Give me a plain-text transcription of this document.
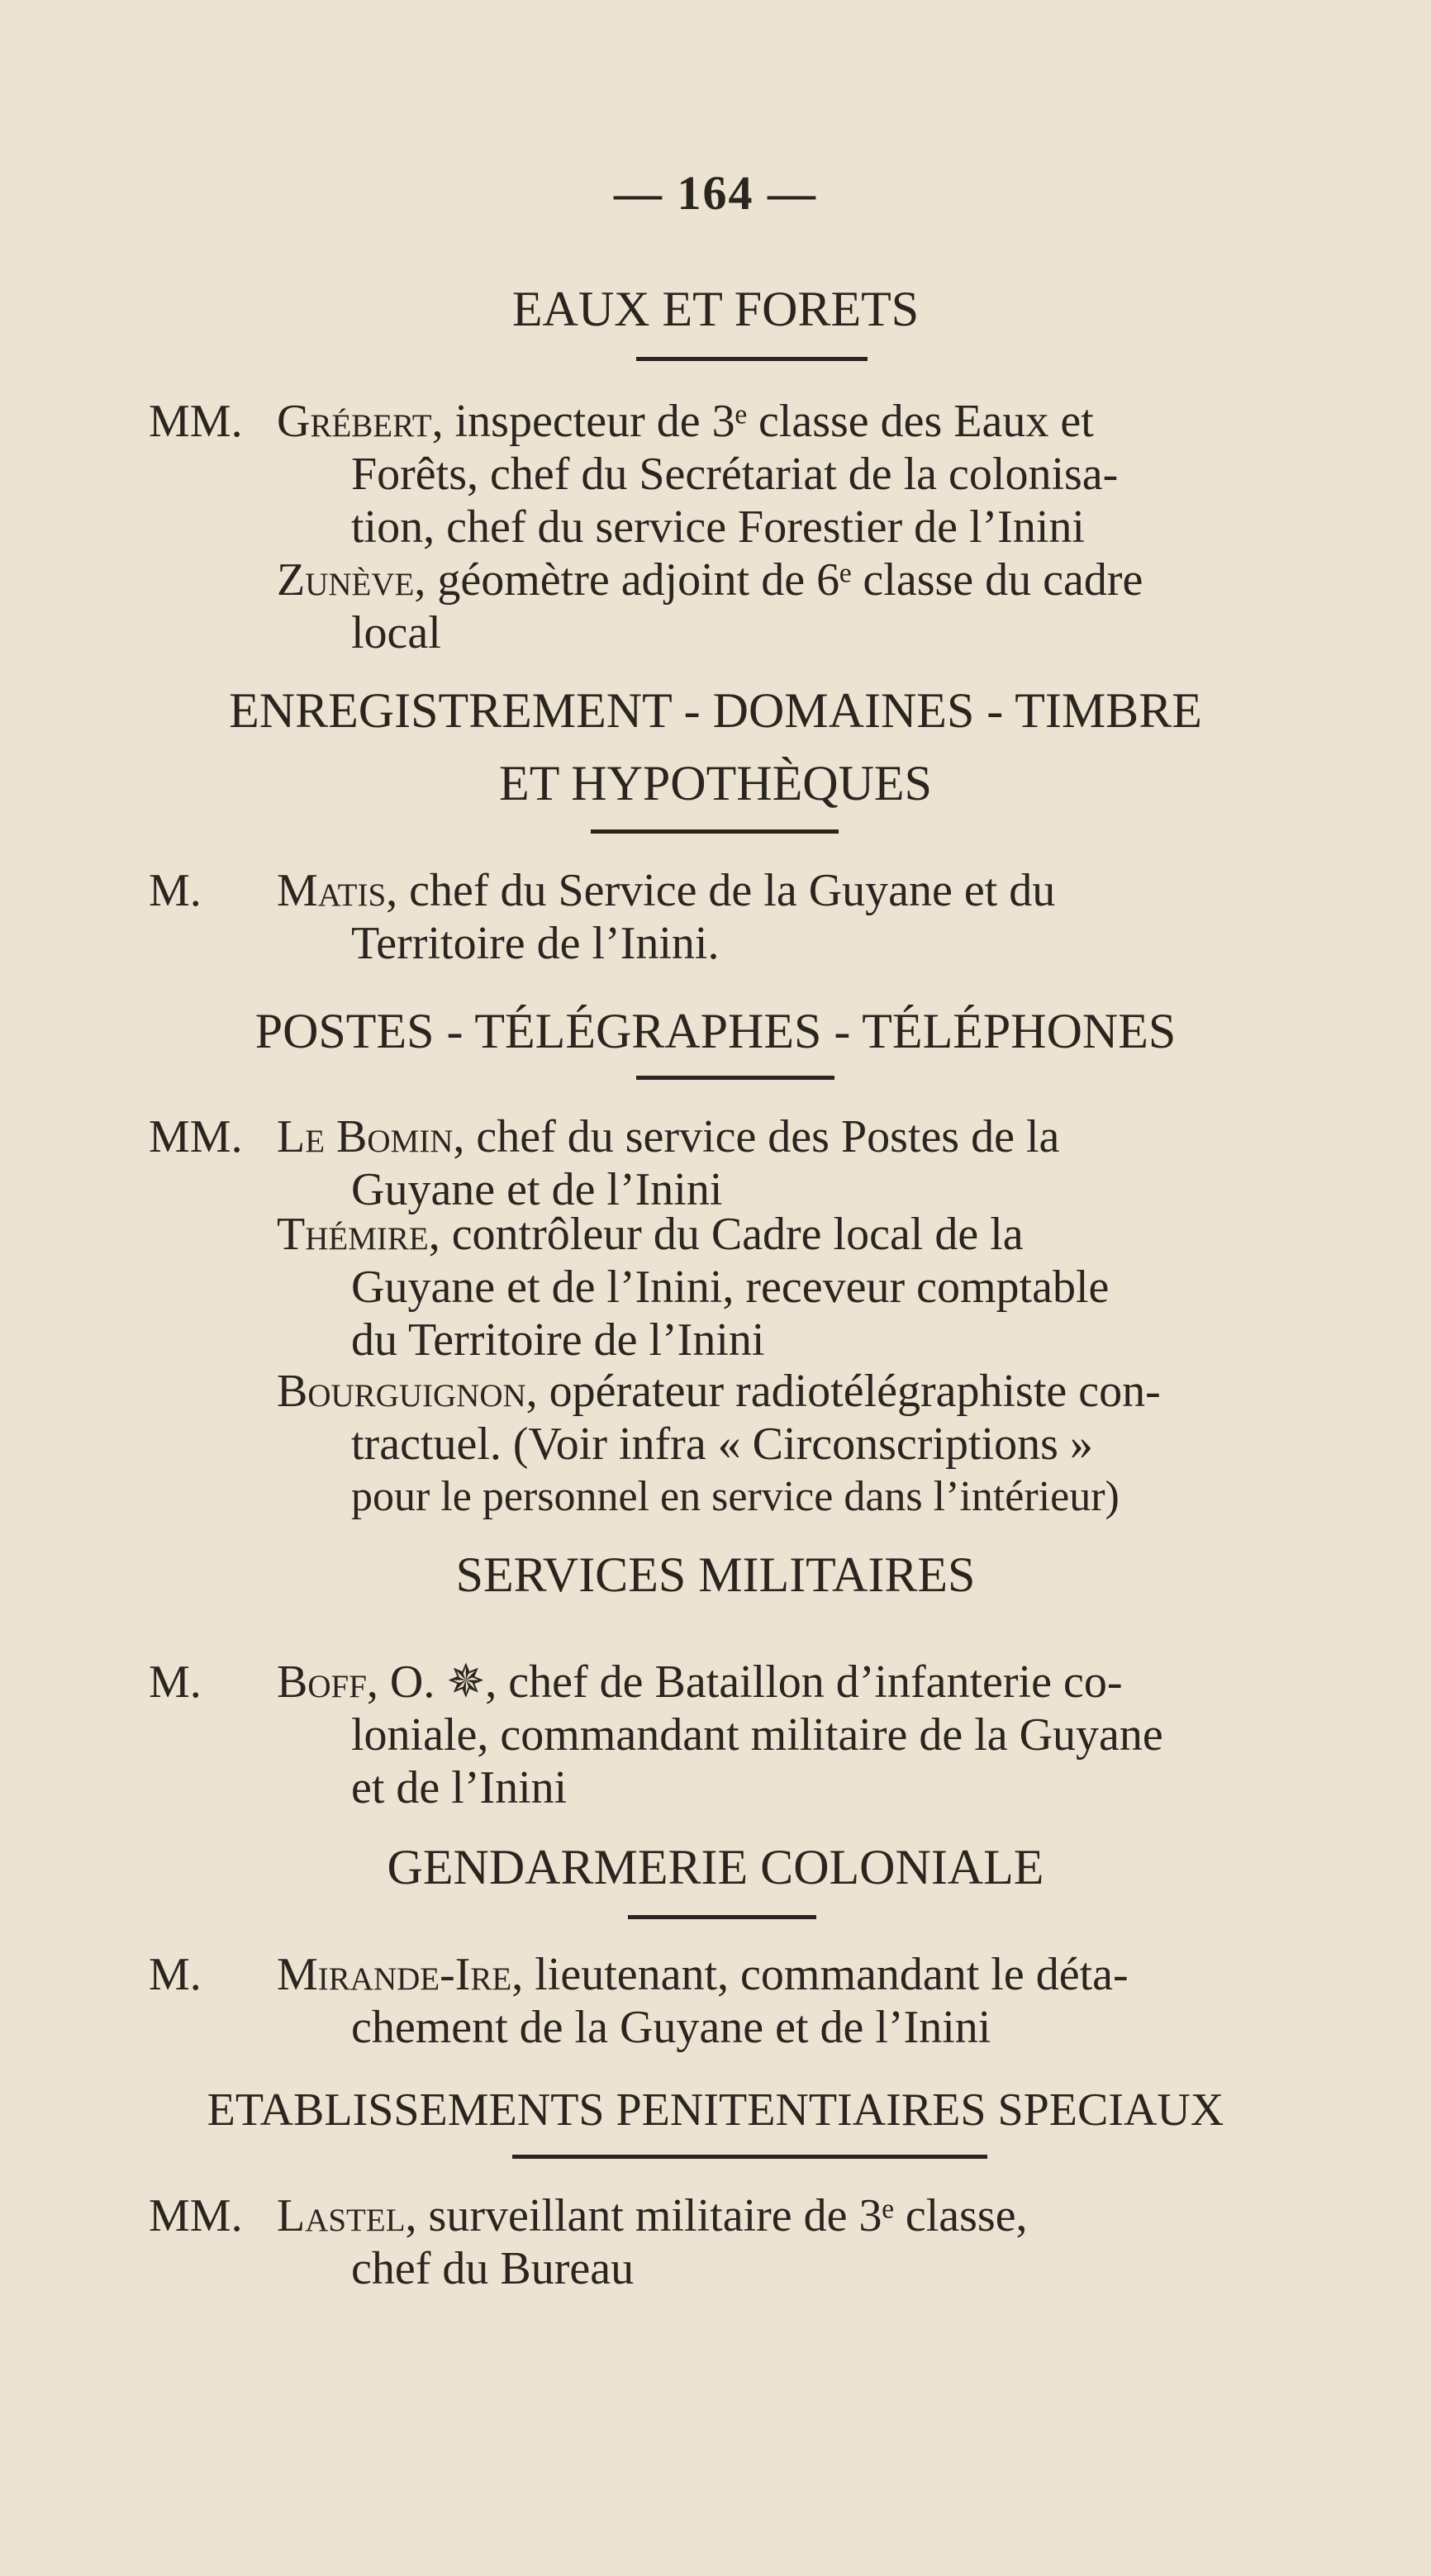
— 164 —
EAUX ET FORETS
MM. Grébert, inspecteur de 3ᵉ classe des Eaux et
Forêts, chef du Secrétariat de la colonisa-
tion, chef du service Forestier de l’Inini
Zunève, géomètre adjoint de 6ᵉ classe du cadre
local
ENREGISTREMENT - DOMAINES - TIMBRE
ET HYPOTHÈQUES
M. Matis, chef du Service de la Guyane et du
Territoire de l’Inini.
POSTES - TÉLÉGRAPHES - TÉLÉPHONES
MM. Le Bomin, chef du service des Postes de la
Guyane et de l’Inini
Thémire, contrôleur du Cadre local de la
Guyane et de l’Inini, receveur comptable
du Territoire de l’Inini
Bourguignon, opérateur radiotélégraphiste con-
tractuel. (Voir infra « Circonscriptions »
pour le personnel en service dans l’intérieur)
SERVICES MILITAIRES
M. Boff, O. ✵, chef de Bataillon d’infanterie co-
loniale, commandant militaire de la Guyane
et de l’Inini
GENDARMERIE COLONIALE
M. Mirande-Ire, lieutenant, commandant le déta-
chement de la Guyane et de l’Inini
ETABLISSEMENTS PENITENTIAIRES SPECIAUX
MM. Lastel, surveillant militaire de 3ᵉ classe,
chef du Bureau
